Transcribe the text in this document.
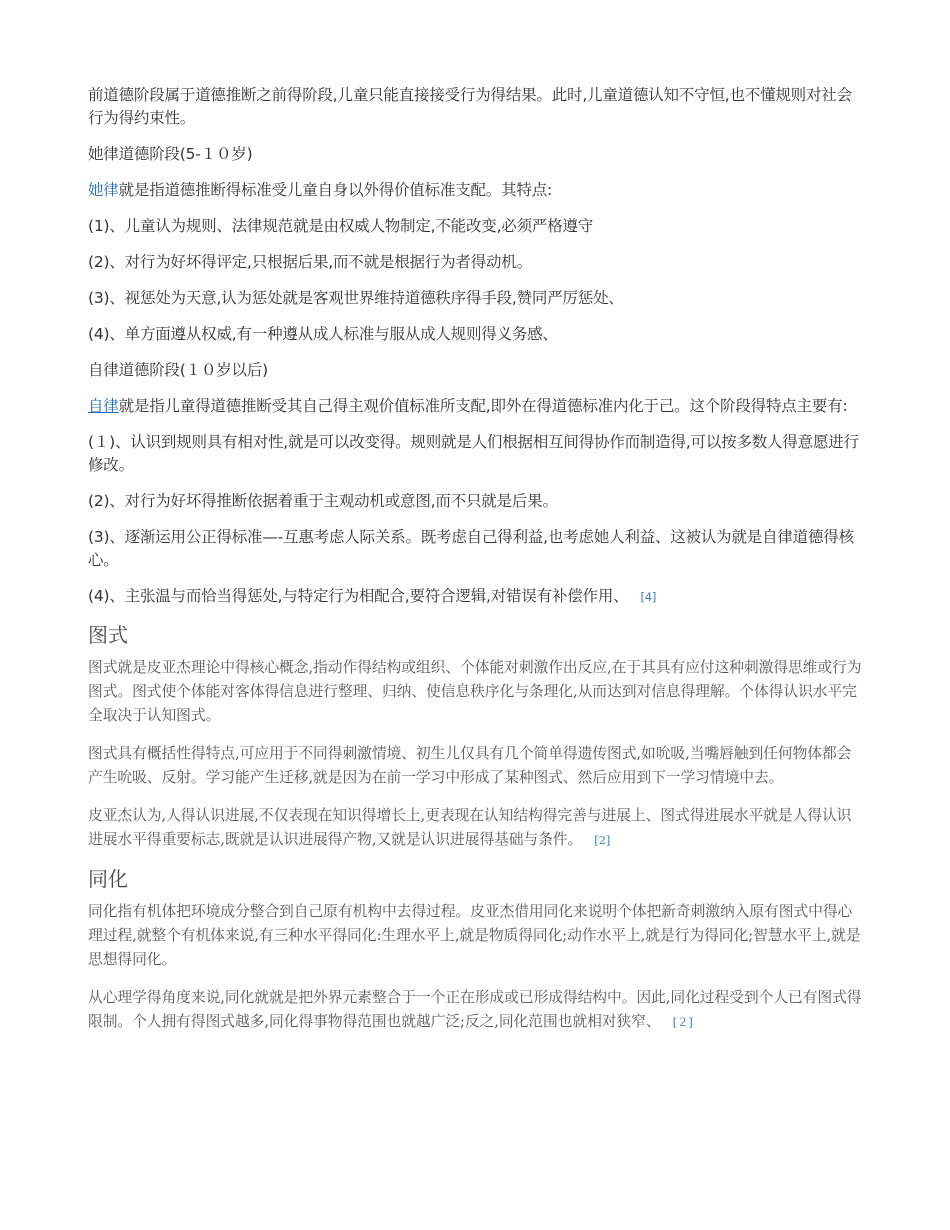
前道德阶段属于道德推断之前得阶段,儿童只能直接接受行为得结果。此时,儿童道德认知不守恒,也不懂规则对社会行为得约束性。

她律道德阶段(5-１０岁)

她律就是指道德推断得标准受儿童自身以外得价值标准支配。其特点:

(1)、儿童认为规则、法律规范就是由权威人物制定,不能改变,必须严格遵守

(2)、对行为好坏得评定,只根据后果,而不就是根据行为者得动机。

(3)、视惩处为天意,认为惩处就是客观世界维持道德秩序得手段,赞同严厉惩处、

(4)、单方面遵从权威,有一种遵从成人标准与服从成人规则得义务感、

自律道德阶段(１０岁以后)

自律就是指儿童得道德推断受其自己得主观价值标准所支配,即外在得道德标准内化于己。这个阶段得特点主要有:

(１)、认识到规则具有相对性,就是可以改变得。规则就是人们根据相互间得协作而制造得,可以按多数人得意愿进行修改。

(2)、对行为好坏得推断依据着重于主观动机或意图,而不只就是后果。

(3)、逐渐运用公正得标准—-互惠考虑人际关系。既考虑自己得利益,也考虑她人利益、这被认为就是自律道德得核心。

(4)、主张温与而恰当得惩处,与特定行为相配合,要符合逻辑,对错误有补偿作用、 [4]

图式

图式就是皮亚杰理论中得核心概念,指动作得结构或组织、个体能对刺激作出反应,在于其具有应付这种刺激得思维或行为图式。图式使个体能对客体得信息进行整理、归纳、使信息秩序化与条理化,从而达到对信息得理解。个体得认识水平完全取决于认知图式。

图式具有概括性得特点,可应用于不同得刺激情境、初生儿仅具有几个简单得遗传图式,如吮吸,当嘴唇触到任何物体都会产生吮吸、反射。学习能产生迁移,就是因为在前一学习中形成了某种图式、然后应用到下一学习情境中去。

皮亚杰认为,人得认识进展,不仅表现在知识得增长上,更表现在认知结构得完善与进展上、图式得进展水平就是人得认识进展水平得重要标志,既就是认识进展得产物,又就是认识进展得基础与条件。 [2]

同化

同化指有机体把环境成分整合到自己原有机构中去得过程。皮亚杰借用同化来说明个体把新奇刺激纳入原有图式中得心理过程,就整个有机体来说,有三种水平得同化:生理水平上,就是物质得同化;动作水平上,就是行为得同化;智慧水平上,就是思想得同化。

从心理学得角度来说,同化就就是把外界元素整合于一个正在形成或已形成得结构中。因此,同化过程受到个人已有图式得限制。个人拥有得图式越多,同化得事物得范围也就越广泛;反之,同化范围也就相对狭窄、 [２]
